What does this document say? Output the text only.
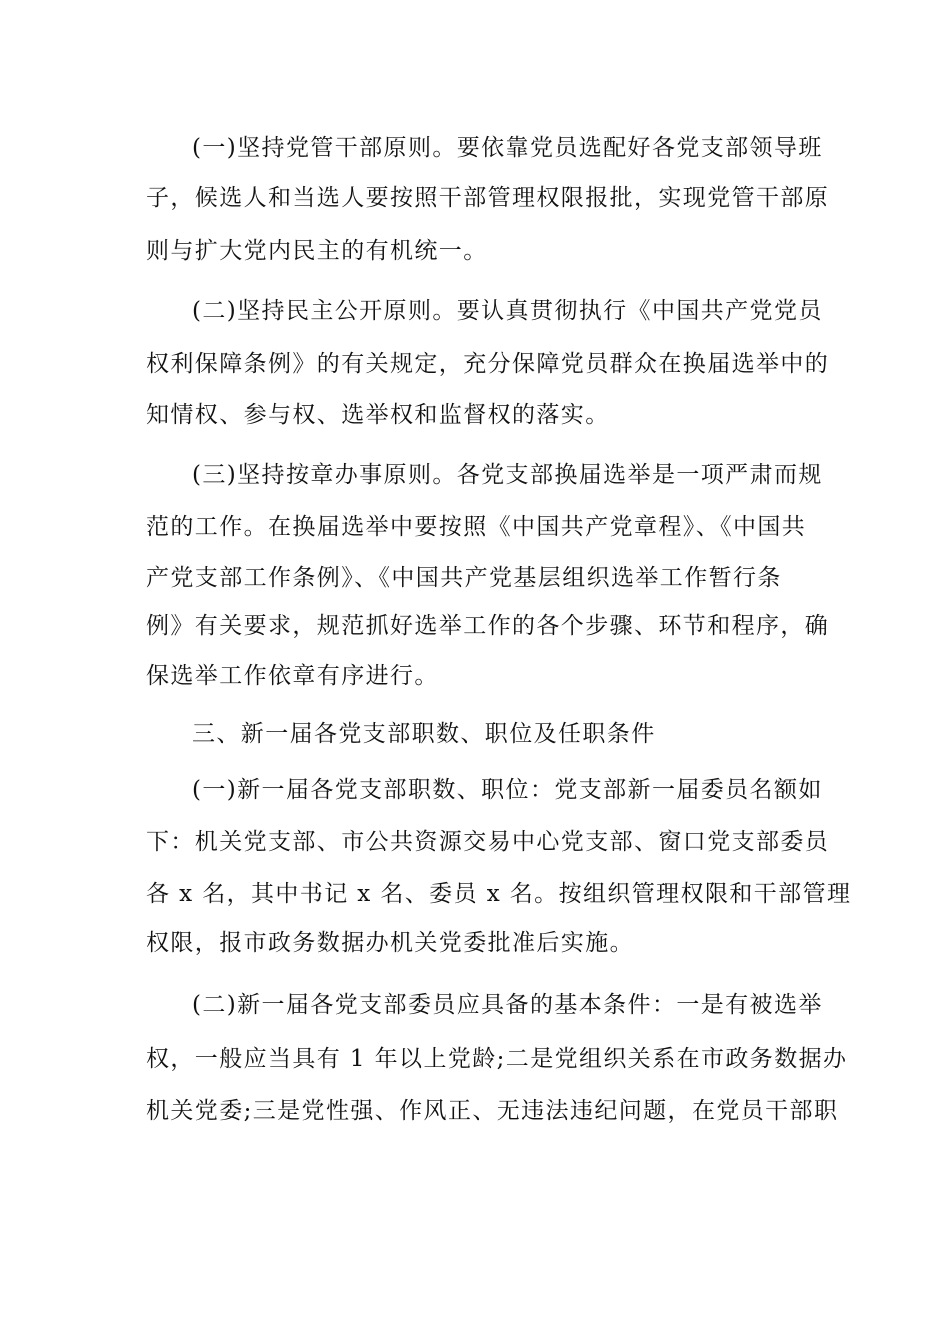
(一)坚持党管干部原则。要依靠党员选配好各党支部领导班
子，候选人和当选人要按照干部管理权限报批，实现党管干部原
则与扩大党内民主的有机统一。
(二)坚持民主公开原则。要认真贯彻执行《中国共产党党员
权利保障条例》的有关规定，充分保障党员群众在换届选举中的
知情权、参与权、选举权和监督权的落实。
(三)坚持按章办事原则。各党支部换届选举是一项严肃而规
范的工作。在换届选举中要按照《中国共产党章程》、《中国共
产党支部工作条例》、《中国共产党基层组织选举工作暂行条
例》有关要求，规范抓好选举工作的各个步骤、环节和程序，确
保选举工作依章有序进行。
三、新一届各党支部职数、职位及任职条件
(一)新一届各党支部职数、职位：党支部新一届委员名额如
下：机关党支部、市公共资源交易中心党支部、窗口党支部委员
各 x 名，其中书记 x 名、委员 x 名。按组织管理权限和干部管理
权限，报市政务数据办机关党委批准后实施。
(二)新一届各党支部委员应具备的基本条件：一是有被选举
权，一般应当具有 1 年以上党龄;二是党组织关系在市政务数据办
机关党委;三是党性强、作风正、无违法违纪问题，在党员干部职
